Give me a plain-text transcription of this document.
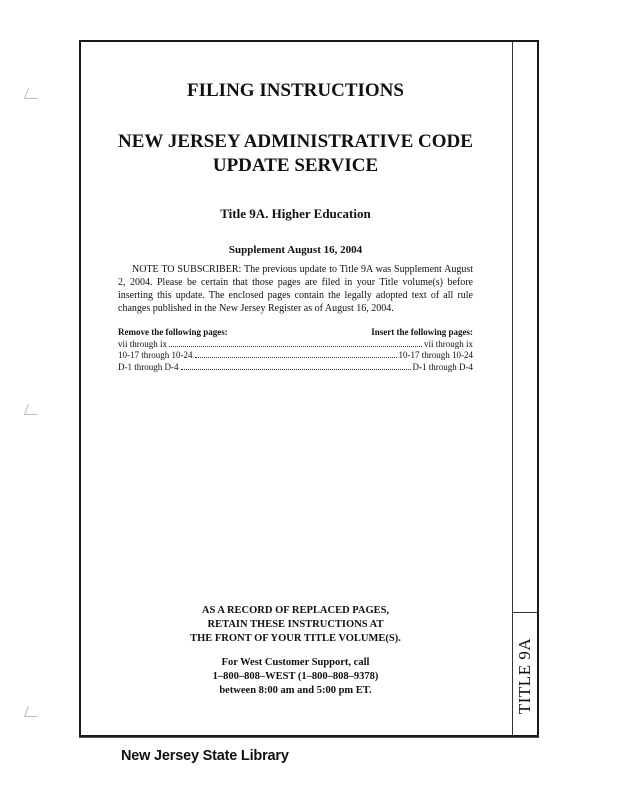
TITLE 9A
FILING INSTRUCTIONS
NEW JERSEY ADMINISTRATIVE CODE
UPDATE SERVICE
Title 9A. Higher Education
Supplement August 16, 2004

NOTE TO SUBSCRIBER: The previous update to Title 9A was Supplement August 2, 2004. Please be certain that those pages are filed in your Title volume(s) before inserting this update. The enclosed pages contain the legally adopted text of all rule changes published in the New Jersey Register as of August 16, 2004.

Remove the following pages:	Insert the following pages:
vii through ix	vii through ix
10-17 through 10-24	10-17 through 10-24
D-1 through D-4	D-1 through D-4
AS A RECORD OF REPLACED PAGES,
RETAIN THESE INSTRUCTIONS AT
THE FRONT OF YOUR TITLE VOLUME(S).
For West Customer Support, call
1–800–808–WEST (1–800–808–9378)
between 8:00 am and 5:00 pm ET.
New Jersey State Library
